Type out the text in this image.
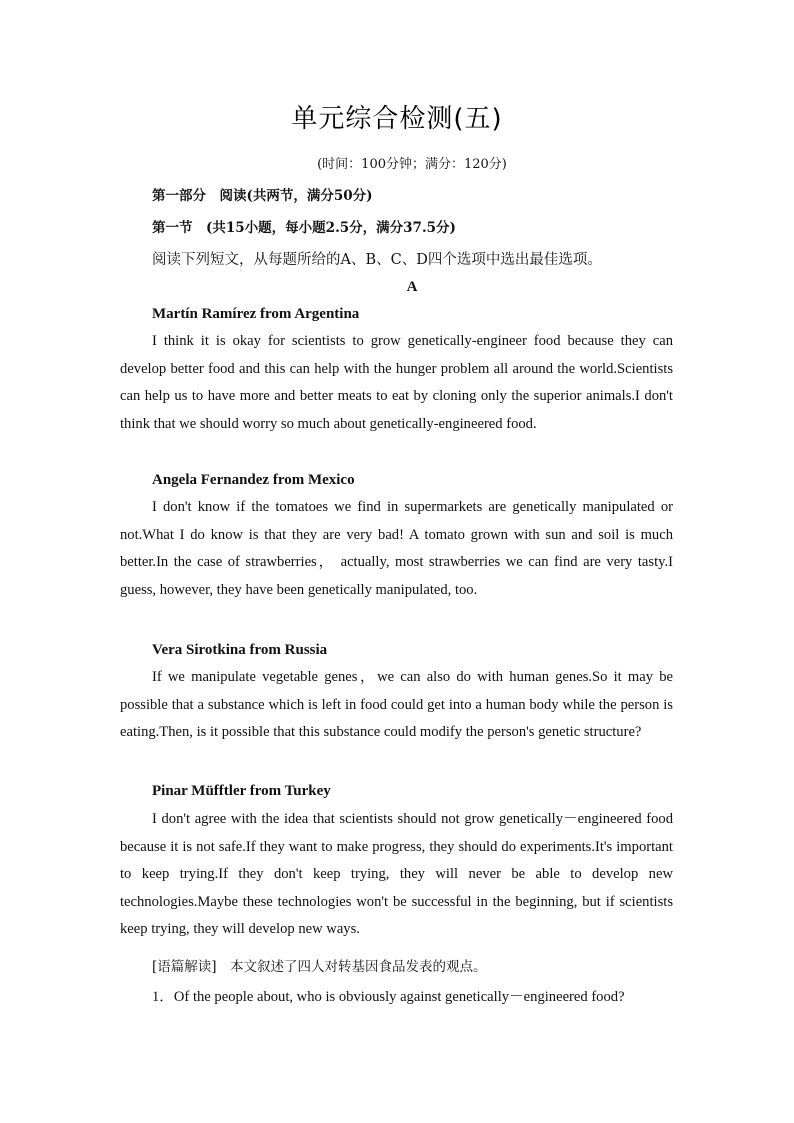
单元综合检测(五)
(时间：100分钟；满分：120分)
第一部分　阅读(共两节，满分50分)
第一节　(共15小题，每小题2.5分，满分37.5分)
阅读下列短文，从每题所给的A、B、C、D四个选项中选出最佳选项。
A
Martín Ramírez from Argentina

I think it is okay for scientists to grow genetically-engineer food because they can develop better food and this can help with the hunger problem all around the world.Scientists can help us to have more and better meats to eat by cloning only the superior animals.I don't think that we should worry so much about genetically-engineered food.

Angela Fernandez from Mexico

I don't know if the tomatoes we find in supermarkets are genetically manipulated or not.What I do know is that they are very bad! A tomato grown with sun and soil is much better.In the case of strawberries， actually, most strawberries we can find are very tasty.I guess, however, they have been genetically manipulated, too.

Vera Sirotkina from Russia

If we manipulate vegetable genes，we can also do with human genes.So it may be possible that a substance which is left in food could get into a human body while the person is eating.Then, is it possible that this substance could modify the person's genetic structure?

Pinar Müfftler from Turkey

I don't agree with the idea that scientists should not grow genetically－engineered food because it is not safe.If they want to make progress, they should do experiments.It's important to keep trying.If they don't keep trying, they will never be able to develop new technologies.Maybe these technologies won't be successful in the beginning, but if scientists keep trying, they will develop new ways.

[语篇解读]　本文叙述了四人对转基因食品发表的观点。
1．Of the people about, who is obviously against genetically－engineered food?
